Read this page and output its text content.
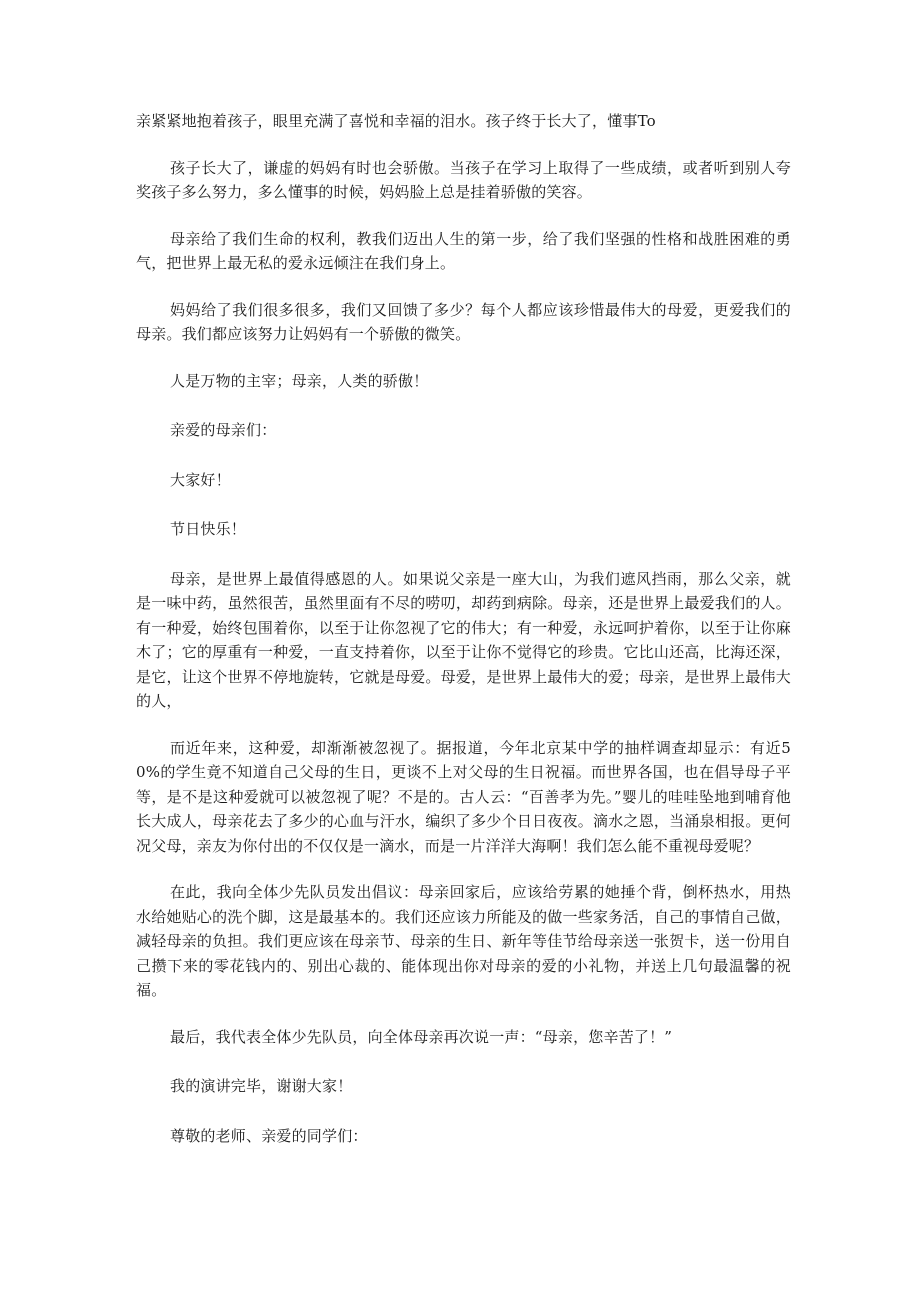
亲紧紧地抱着孩子，眼里充满了喜悦和幸福的泪水。孩子终于长大了，懂事To

孩子长大了，谦虚的妈妈有时也会骄傲。当孩子在学习上取得了一些成绩，或者听到别人夸奖孩子多么努力，多么懂事的时候，妈妈脸上总是挂着骄傲的笑容。

母亲给了我们生命的权利，教我们迈出人生的第一步，给了我们坚强的性格和战胜困难的勇气，把世界上最无私的爱永远倾注在我们身上。

妈妈给了我们很多很多，我们又回馈了多少？每个人都应该珍惜最伟大的母爱，更爱我们的母亲。我们都应该努力让妈妈有一个骄傲的微笑。

人是万物的主宰；母亲，人类的骄傲！

亲爱的母亲们：

大家好！

节日快乐！

母亲，是世界上最值得感恩的人。如果说父亲是一座大山，为我们遮风挡雨，那么父亲，就是一味中药，虽然很苦，虽然里面有不尽的唠叨，却药到病除。母亲，还是世界上最爱我们的人。有一种爱，始终包围着你，以至于让你忽视了它的伟大；有一种爱，永远呵护着你，以至于让你麻木了；它的厚重有一种爱，一直支持着你，以至于让你不觉得它的珍贵。它比山还高，比海还深，是它，让这个世界不停地旋转，它就是母爱。母爱，是世界上最伟大的爱；母亲，是世界上最伟大的人，

而近年来，这种爱，却渐渐被忽视了。据报道，今年北京某中学的抽样调查却显示：有近50%的学生竟不知道自己父母的生日，更谈不上对父母的生日祝福。而世界各国，也在倡导母子平等，是不是这种爱就可以被忽视了呢？不是的。古人云：“百善孝为先。”婴儿的哇哇坠地到哺育他长大成人，母亲花去了多少的心血与汗水，编织了多少个日日夜夜。滴水之恩，当涌泉相报。更何况父母，亲友为你付出的不仅仅是一滴水，而是一片洋洋大海啊！我们怎么能不重视母爱呢？

在此，我向全体少先队员发出倡议：母亲回家后，应该给劳累的她捶个背，倒杯热水，用热水给她贴心的洗个脚，这是最基本的。我们还应该力所能及的做一些家务活，自己的事情自己做，减轻母亲的负担。我们更应该在母亲节、母亲的生日、新年等佳节给母亲送一张贺卡，送一份用自己攒下来的零花钱内的、别出心裁的、能体现出你对母亲的爱的小礼物，并送上几句最温馨的祝福。

最后，我代表全体少先队员，向全体母亲再次说一声：“母亲，您辛苦了！”

我的演讲完毕，谢谢大家！

尊敬的老师、亲爱的同学们：
